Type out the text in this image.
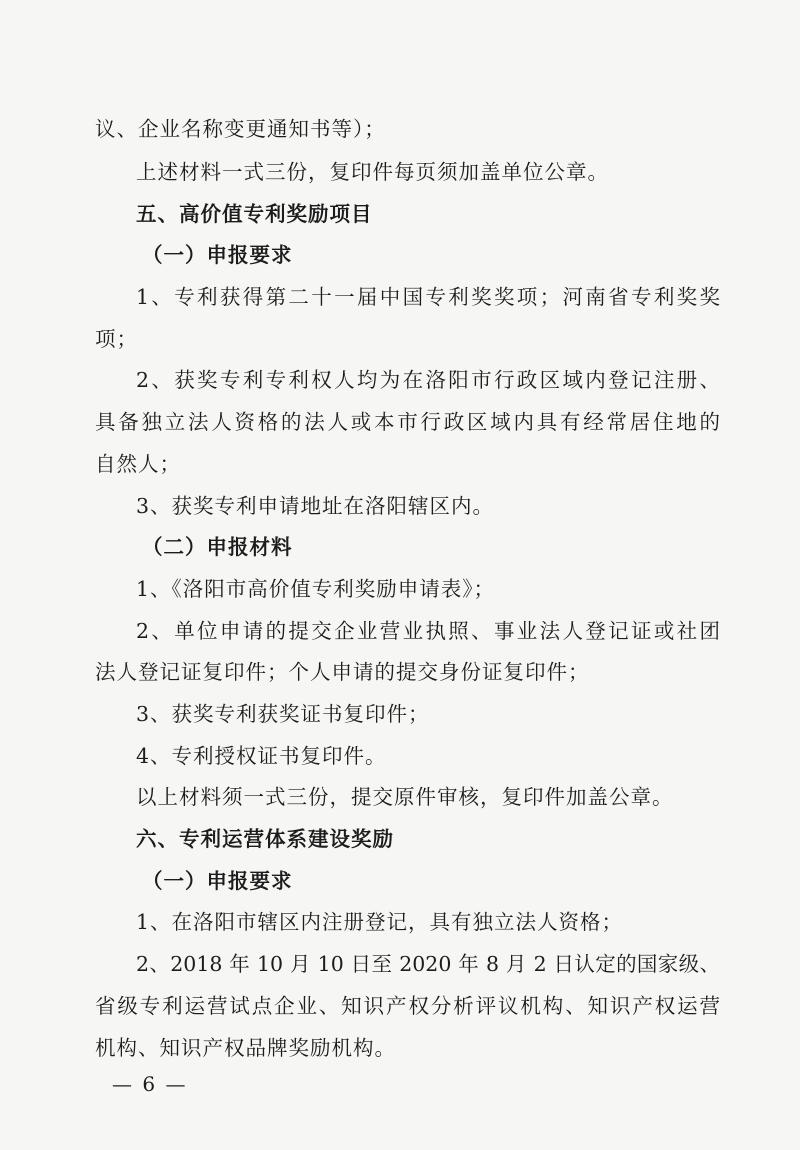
议、企业名称变更通知书等）；
上述材料一式三份，复印件每页须加盖单位公章。
五、高价值专利奖励项目
（一）申报要求
1、专利获得第二十一届中国专利奖奖项；河南省专利奖奖
项；
2、获奖专利专利权人均为在洛阳市行政区域内登记注册、
具备独立法人资格的法人或本市行政区域内具有经常居住地的
自然人；
3、获奖专利申请地址在洛阳辖区内。
（二）申报材料
1、《洛阳市高价值专利奖励申请表》；
2、单位申请的提交企业营业执照、事业法人登记证或社团
法人登记证复印件；个人申请的提交身份证复印件；
3、获奖专利获奖证书复印件；
4、专利授权证书复印件。
以上材料须一式三份，提交原件审核，复印件加盖公章。
六、专利运营体系建设奖励
（一）申报要求
1、在洛阳市辖区内注册登记，具有独立法人资格；
2、2018 年 10 月 10 日至 2020 年 8 月 2 日认定的国家级、
省级专利运营试点企业、知识产权分析评议机构、知识产权运营
机构、知识产权品牌奖励机构。
— 6 —
